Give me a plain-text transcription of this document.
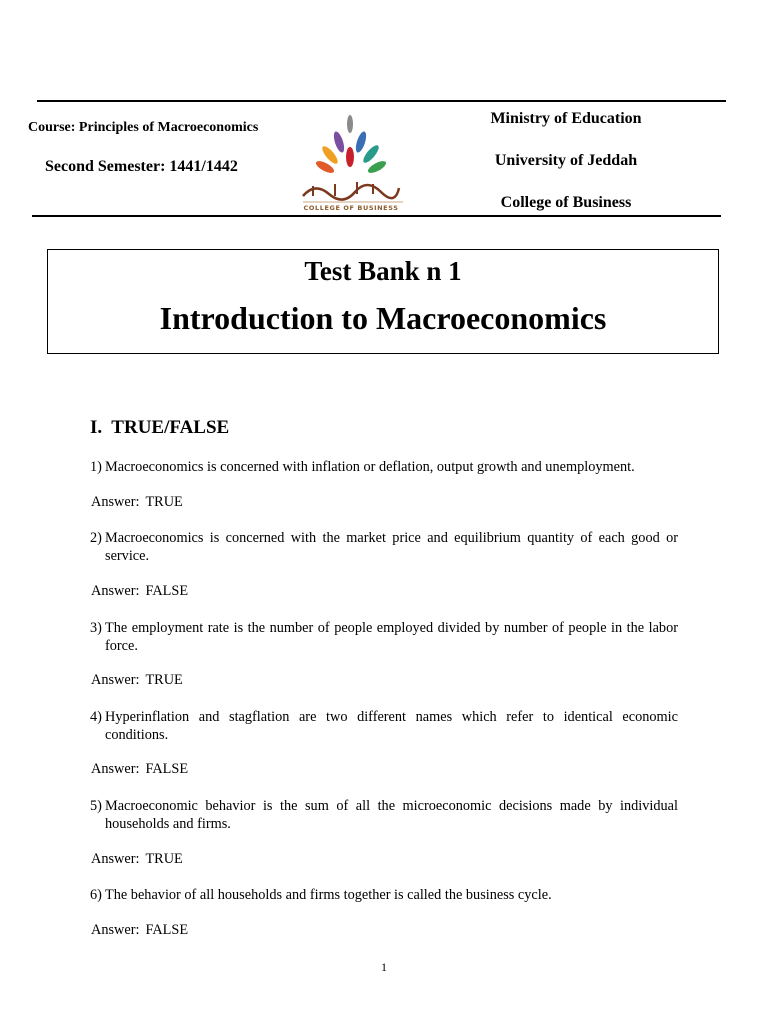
Course: Principles of Macroeconomics
Second Semester: 1441/1442
COLLEGE OF BUSINESS
Ministry of Education
University of Jeddah
College of Business
Test Bank n 1
Introduction to Macroeconomics
I.  TRUE/FALSE
1) Macroeconomics is concerned with inflation or deflation, output growth and unemployment.
Answer: TRUE
2) Macroeconomics is concerned with the market price and equilibrium quantity of each good or service.
Answer: FALSE
3) The employment rate is the number of people employed divided by number of people in the labor force.
Answer: TRUE
4) Hyperinflation and stagflation are two different names which refer to identical economic conditions.
Answer: FALSE
5) Macroeconomic behavior is the sum of all the microeconomic decisions made by individual households and firms.
Answer: TRUE
6) The behavior of all households and firms together is called the business cycle.
Answer: FALSE
1
